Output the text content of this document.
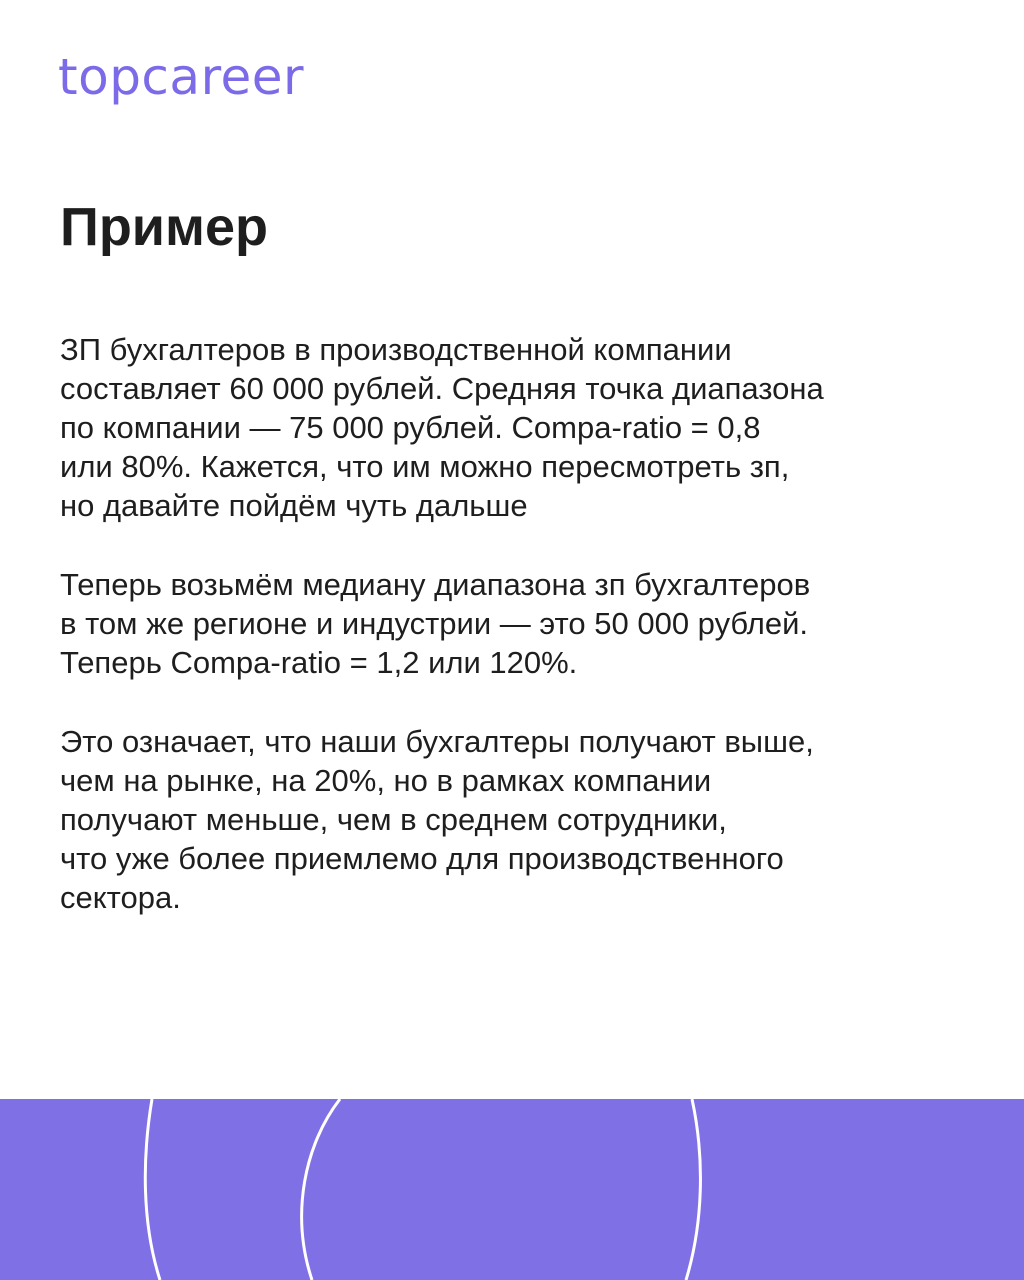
topcareer
Пример

ЗП бухгалтеров в производственной компании
составляет 60 000 рублей. Средняя точка диапазона
по компании — 75 000 рублей. Compa-ratio = 0,8
или 80%. Кажется, что им можно пересмотреть зп,
но давайте пойдём чуть дальше

Теперь возьмём медиану диапазона зп бухгалтеров
в том же регионе и индустрии — это 50 000 рублей.
Теперь Compa-ratio = 1,2 или 120%.

Это означает, что наши бухгалтеры получают выше,
чем на рынке, на 20%, но в рамках компании
получают меньше, чем в среднем сотрудники,
что уже более приемлемо для производственного
сектора.
